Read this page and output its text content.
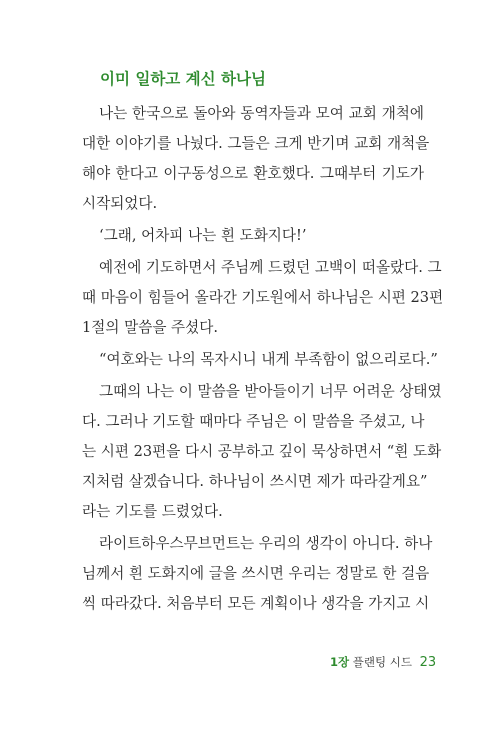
이미 일하고 계신 하나님
나는 한국으로 돌아와 동역자들과 모여 교회 개척에
대한 이야기를 나눴다. 그들은 크게 반기며 교회 개척을
해야 한다고 이구동성으로 환호했다. 그때부터 기도가
시작되었다.
‘그래, 어차피 나는 흰 도화지다!’
예전에 기도하면서 주님께 드렸던 고백이 떠올랐다. 그
때 마음이 힘들어 올라간 기도원에서 하나님은 시편 23편
1절의 말씀을 주셨다.
“여호와는 나의 목자시니 내게 부족함이 없으리로다.”
그때의 나는 이 말씀을 받아들이기 너무 어려운 상태였
다. 그러나 기도할 때마다 주님은 이 말씀을 주셨고, 나
는 시편 23편을 다시 공부하고 깊이 묵상하면서 “흰 도화
지처럼 살겠습니다. 하나님이 쓰시면 제가 따라갈게요”
라는 기도를 드렸었다.
라이트하우스무브먼트는 우리의 생각이 아니다. 하나
님께서 흰 도화지에 글을 쓰시면 우리는 정말로 한 걸음
씩 따라갔다. 처음부터 모든 계획이나 생각을 가지고 시
1장 플랜팅 시드 23
